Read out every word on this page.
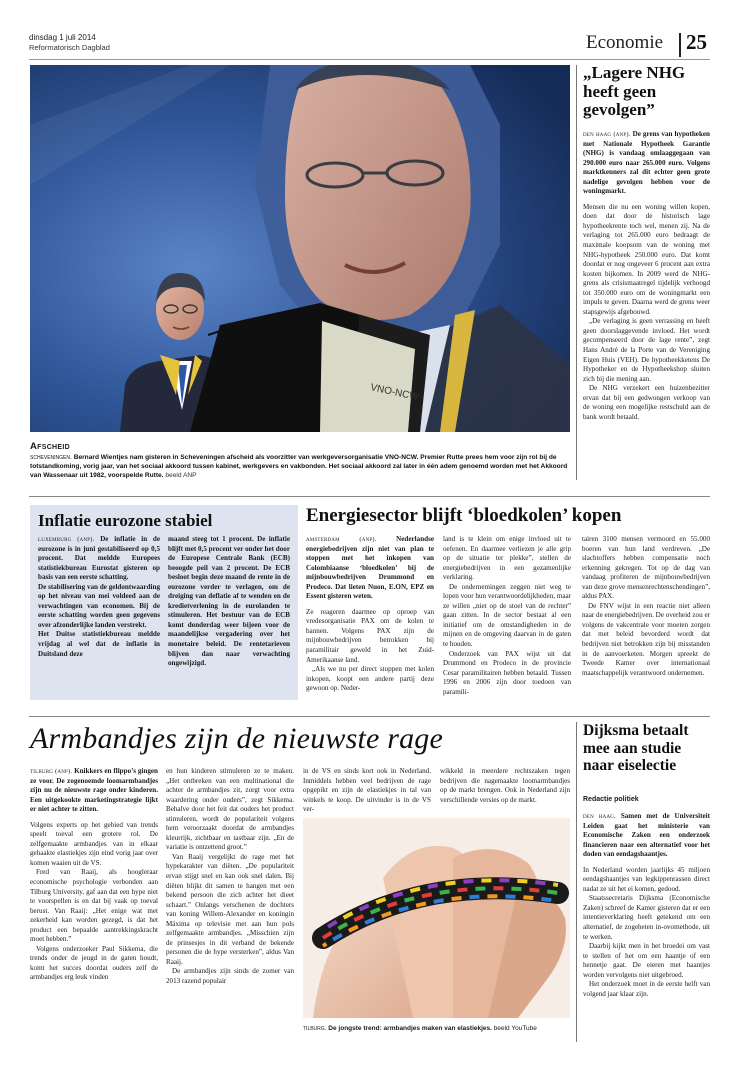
dinsdag 1 juli 2014
Reformatorisch Dagblad	Economie 25
VNO-NCW
Afscheid
scheveningen. Bernard Wientjes nam gisteren in Scheveningen afscheid als voorzitter van werkgeversorganisatie VNO-NCW. Premier Rutte prees hem voor zijn rol bij de totstandkoming, vorig jaar, van het sociaal akkoord tussen kabinet, werkgevers en vakbonden. Het sociaal akkoord zal later in één adem genoemd worden met het Akkoord van Wassenaar uit 1982, voorspelde Rutte. beeld ANP
„Lagere NHG heeft geen gevolgen”

den haag (anp). De grens van hypotheken met Nationale Hypotheek Garantie (NHG) is vandaag omlaaggegaan van 290.000 euro naar 265.000 euro. Volgens marktkenners zal dit echter geen grote nadelige gevolgen hebben voor de woningmarkt.

Mensen die nu een woning willen kopen, doen dat door de historisch lage hypotheekrente toch wel, menen zij. Na de verlaging tot 265.000 euro bedraagt de maximale koopsom van de woning met NHG-hypotheek 250.000 euro. Dat komt doordat er nog ongeveer 6 procent aan extra kosten bijkomen. In 2009 werd de NHG-grens als crisismaatregel tijdelijk verhoogd tot 350.000 euro om de woningmarkt een impuls te geven. Daarna werd de grens weer stapsgewijs afgebouwd.

„De verlaging is geen verrassing en heeft geen doorslaggevende invloed. Het wordt gecompenseerd door de lage rente”, zegt Hans André de la Porte van de Vereniging Eigen Huis (VEH). De hypotheekketens De Hypotheker en de Hypotheekshop sluiten zich bij die mening aan.

De NHG verzekert een huizenbezitter ervan dat bij een gedwongen verkoop van de woning een mogelijke restschuld aan de bank wordt betaald.

Inflatie eurozone stabiel

luxemburg (anp). De inflatie in de eurozone is in juni gestabiliseerd op 0,5 procent. Dat meldde Europees statistiekbureau Eurostat gisteren op basis van een eerste schatting.

De stabilisering van de geldontwaarding op het niveau van mei voldeed aan de verwachtingen van economen. Bij de eerste schatting worden geen gegevens over afzonderlijke landen verstrekt.

Het Duitse statistiekbureau meldde vrijdag al wel dat de inflatie in Duitsland deze

maand steeg tot 1 procent. De inflatie blijft met 0,5 procent ver onder het door de Europese Centrale Bank (ECB) beoogde peil van 2 procent. De ECB besloot begin deze maand de rente in de eurozone verder te verlagen, om de dreiging van deflatie af te wenden en de kredietverlening in de eurolanden te stimuleren. Het bestuur van de ECB komt donderdag weer bijeen voor de maandelijkse vergadering over het monetaire beleid. De rentetarieven blijven dan naar verwachting ongewijzigd.
Energiesector blijft ‘bloedkolen’ kopen

amsterdam (anp).	Nederlandse energiebedrijven zijn niet van plan te stoppen met het inkopen van Colombiaanse ‘bloedkolen’ bij de mijnbouwbedrijven Drummond en Prodeco. Dat lieten Nuon, E.ON, EPZ en Essent gisteren weten.

Ze reageren daarmee op oproep van vredesorganisatie PAX om de kolen te bannen. Volgens PAX zijn de mijnbouwbedrijven betrokken bij paramilitair geweld in het Zuid-Amerikaanse land.

„Als we nu per direct stoppen met kolen inkopen, koopt een andere partij deze gewoon op. Neder-

land is te klein om enige invloed uit te oefenen. En daarmee verliezen je alle grip op de situatie ter plekke”, stellen de energiebedrijven in een gezamenlijke verklaring.

De ondernemingen zeggen niet weg te lopen voor hun verantwoordelijkheden, maar ze willen „niet op de stoel van de rechter” gaan zitten. In de sector bestaat al een initiatief om de omstandigheden in de mijnen en de omgeving daarvan in de gaten te houden.

Onderzoek van PAX wijst uit dat Drummond en Prodeco in de provincie Cesar paramilitairen hebben betaald. Tussen 1996 en 2006 zijn door toedoen van paramili-

tairen 3100 mensen vermoord en 55.000 boeren van hun land verdreven. „De slachtoffers hebben compensatie noch erkenning gekregen. Tot op de dag van vandaag profiteren de mijnbouwbedrijven van deze grove mensenrechtenschendingen”, aldus PAX.

De FNV wijst in een reactie niet alleen naar de energiebedrijven. De overheid zou er volgens de vakcentrale voor moeten zorgen dat met beleid bevorderd wordt dat bedrijven niet betrokken zijn bij misstanden in de aanvoerketen. Morgen spreekt de Tweede Kamer over internationaal maatschappelijk verantwoord ondernemen.

Armbandjes zijn de nieuwste rage

tilburg (anp). Knikkers en flippo’s gingen ze voor. De zogenoemde loomarmbandjes zijn nu de nieuwste rage onder kinderen. Een uitgekookte marketingstrategie lijkt er niet achter te zitten.

Volgens experts op het gebied van trends speelt toeval een grotere rol. De zelfgemaakte armbandjes van in elkaar gehaakte elastiekjes zijn eind vorig jaar over komen waaien uit de VS.

Fred van Raaij, als hoogleraar economische psychologie verbonden aan Tilburg University, gaf aan dat een hype niet te voorspellen is en dat bij vaak op toeval berust. Van Raaij: „Het enige wat met zekerheid kan worden gezegd, is dat het product een bepaalde aantrekkingskracht moet hebben.”

Volgens onderzoeker Paul Sikkema, die trends onder de jeugd in de gaten houdt, komt het succes doordat ouders zelf de armbandjes erg leuk vinden

en hun kinderen stimuleren ze te maken. „Het ontbreken van een multinational die achter de armbandjes zit, zorgt voor extra waardering onder ouders”, zegt Sikkema. Behalve door het feit dat ouders het product stimuleren, wordt de populariteit volgens hem veroorzaakt doordat de armbandjes kleurrijk, zichtbaar en tastbaar zijn. „En de variatie is ontzettend groot.”

Van Raaij vergelijkt de rage met het hypekarakter van diëten. „De populariteit ervan stijgt snel en kan ook snel dalen. Bij diëten blijkt dit samen te hangen met een bekend persoon die zich achter het dieet schaart.” Onlangs verschenen de dochters van koning Willem-Alexander en koningin Máxima op televisie met aan hun pols zelfgemaakte armbandjes. „Misschien zijn de prinsesjes in dit verband de bekende personen die de hype versterken”, aldus Van Raaij.

De armbandjes zijn sinds de zomer van 2013 razend populair

in de VS en sinds kort ook in Nederland. Inmiddels hebben veel bedrijven de rage opgepikt en zijn de elastiekjes in tal van winkels te koop. De uitvinder is in de VS ver-
wikkeld in meerdere rechtszaken tegen bedrijven die nagemaakte loomarmbandjes op de markt brengen. Ook in Nederland zijn verschillende versies op de markt.
tilburg. De jongste trend: armbandjes maken van elastiekjes. beeld YouTube
Dijksma betaalt mee aan studie naar eiselectie
Redactie politiek

den haag. Samen met de Universiteit Leiden gaat het ministerie van Economische Zaken een onderzoek financieren naar een alternatief voor het doden van eendagshaantjes.

In Nederland worden jaarlijks 45 miljoen eendagshaantjes van legkippenrassen direct nadat ze uit het ei komen, gedood.

Staatssecretaris Dijksma (Economische Zaken) schreef de Kamer gisteren dat er een intentieverklaring heeft getekend om een alternatief, de zogeheten in-ovomethode, uit te werken.

Daarbij kijkt men in het broedei om vast te stellen of het om een haantje of een hennetje gaat. De eieren met haantjes worden vervolgens niet uitgebroed.

Het onderzoek moet in de eerste helft van volgend jaar klaar zijn.
